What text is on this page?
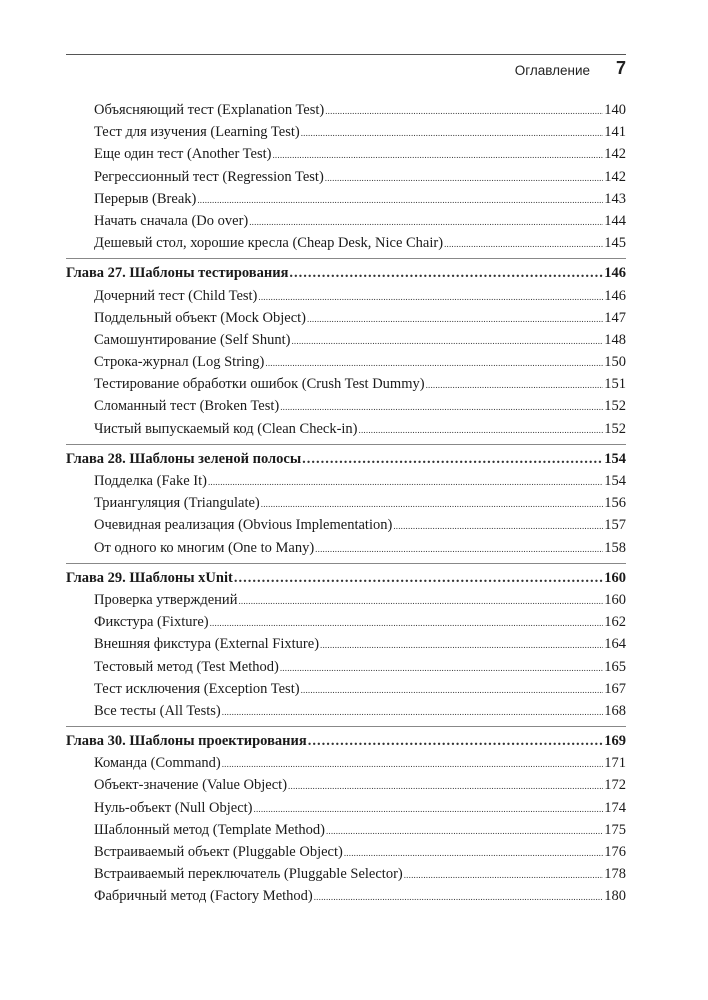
Оглавление 7
Объясняющий тест (Explanation Test) .....	140
Тест для изучения (Learning Test) .....	141
Еще один тест (Another Test) .....	142
Регрессионный тест (Regression Test) .....	142
Перерыв (Break) .....	143
Начать сначала (Do over) .....	144
Дешевый стол, хорошие кресла (Cheap Desk, Nice Chair) .....	145
Глава 27. Шаблоны тестирования .....	146
Дочерний тест (Child Test) .....	146
Поддельный объект (Mock Object) .....	147
Самошунтирование (Self Shunt) .....	148
Строка-журнал (Log String) .....	150
Тестирование обработки ошибок (Crush Test Dummy) .....	151
Сломанный тест (Broken Test) .....	152
Чистый выпускаемый код (Clean Check-in) .....	152
Глава 28. Шаблоны зеленой полосы .....	154
Подделка (Fake It) .....	154
Триангуляция (Triangulate) .....	156
Очевидная реализация (Obvious Implementation) .....	157
От одного ко многим (One to Many) .....	158
Глава 29. Шаблоны xUnit .....	160
Проверка утверждений .....	160
Фикстура (Fixture) .....	162
Внешняя фикстура (External Fixture) .....	164
Тестовый метод (Test Method) .....	165
Тест исключения (Exception Test) .....	167
Все тесты (All Tests) .....	168
Глава 30. Шаблоны проектирования .....	169
Команда (Command) .....	171
Объект-значение (Value Object) .....	172
Нуль-объект (Null Object) .....	174
Шаблонный метод (Template Method) .....	175
Встраиваемый объект (Pluggable Object) .....	176
Встраиваемый переключатель (Pluggable Selector) .....	178
Фабричный метод (Factory Method) .....	180
